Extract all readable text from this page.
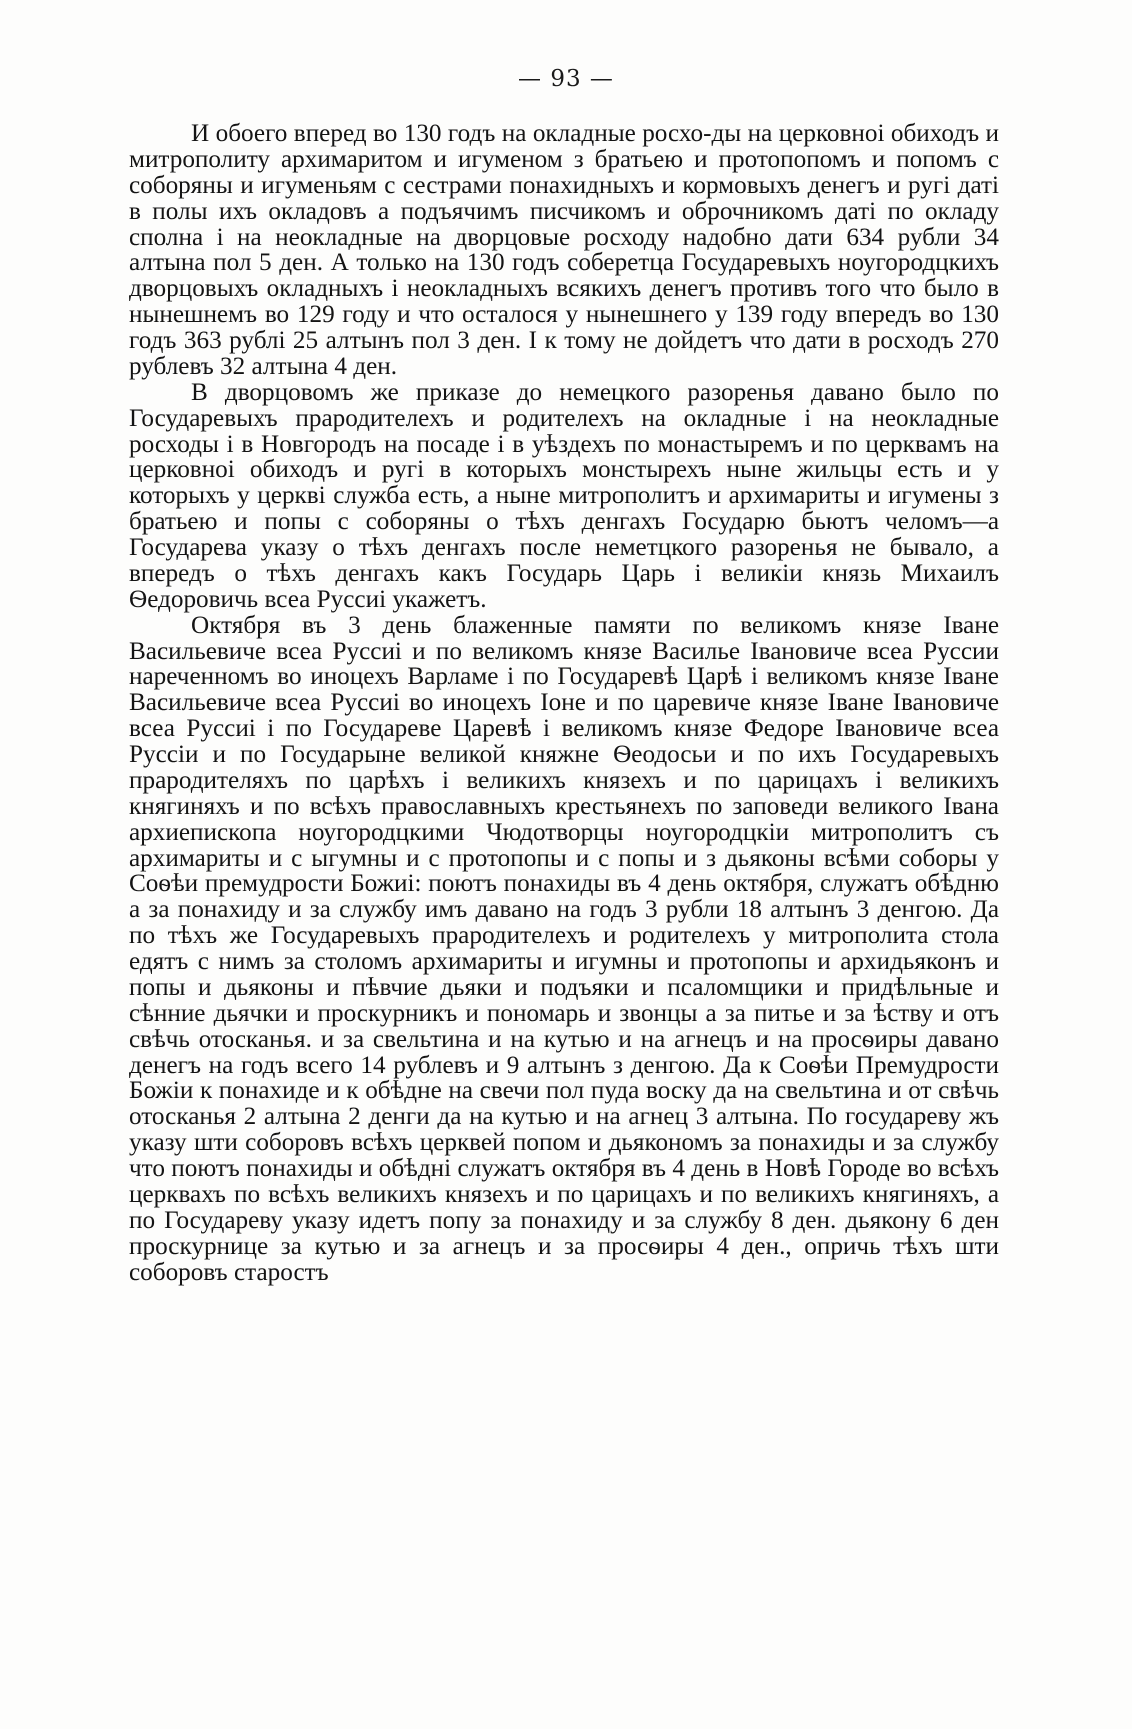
— 93 —

И обоего вперед во 130 годъ на окладные росхо-ды на церковноі обиходъ и митрополиту архимаритом и игуменом з братьею и протопопомъ и попомъ с соборяны и игуменьям с сестрами понахидныхъ и кормовыхъ денегъ и ругі даті в полы ихъ окладовъ а подъячимъ писчикомъ и оброчникомъ даті по окладу сполна і на неокладные на дворцовые росходу надобно дати 634 рубли 34 алтына пол 5 ден. А только на 130 годъ соберетца Государевыхъ ноугородцкихъ дворцовыхъ окладныхъ і неокладныхъ всякихъ денегъ противъ того что было в нынешнемъ во 129 году и что осталося у нынешнего у 139 году впередъ во 130 годъ 363 рублі 25 алтынъ пол 3 ден. І к тому не дойдетъ что дати в росходъ 270 рублевъ 32 алтына 4 ден.

В дворцовомъ же приказе до немецкого разоренья давано было по Государевыхъ прародителехъ и родителехъ на окладные і на неокладные росходы і в Новгородъ на посаде і в уѣздехъ по монастыремъ и по церквамъ на церковноі обиходъ и ругі в которыхъ монстырехъ ныне жильцы есть и у которыхъ у церкві служба есть, а ныне митрополитъ и архимариты и игумены з братьею и попы с соборяны о тѣхъ денгахъ Государю бьютъ челомъ—а Государева указу о тѣхъ денгахъ после неметцкого разоренья не бывало, а впередъ о тѣхъ денгахъ какъ Государь Царь і великіи князь Михаилъ Ѳедоровичь всеа Руссиі укажетъ.

Октября въ 3 день блаженные памяти по великомъ князе Іване Васильевиче всеа Руссиі и по великомъ князе Василье Івановиче всеа Руссии нареченномъ во иноцехъ Варламе і по Государевѣ Царѣ і великомъ князе Іване Васильевиче всеа Руссиі во иноцехъ Іоне и по царевиче князе Іване Івановиче всеа Руссиі і по Государеве Царевѣ і великомъ князе Федоре Івановиче всеа Руссіи и по Государыне великой княжне Ѳеодосьи и по ихъ Государевыхъ прародителяхъ по царѣхъ і великихъ князехъ и по царицахъ і великихъ княгиняхъ и по всѣхъ православныхъ крестьянехъ по заповеди великого Івана архиепископа ноугородцкими Чюдотворцы ноугородцкіи митрополитъ съ архимариты и с ыгумны и с протопопы и с попы и з дьяконы всѣми соборы у Соѳѣи премудрости Божиі: поютъ понахиды въ 4 день октября, служатъ обѣдню а за понахиду и за службу имъ давано на годъ 3 рубли 18 алтынъ 3 денгою. Да по тѣхъ же Государевыхъ прародителехъ и родителехъ у митрополита стола едятъ с нимъ за столомъ архимариты и игумны и протопопы и архидьяконъ и попы и дьяконы и пѣвчие дьяки и подъяки и псаломщики и придѣльные и сѣнние дьячки и проскурникъ и пономарь и звонцы а за питье и за ѣству и отъ свѣчь отосканья. и за свельтина и на кутью и на агнецъ и на просѳиры давано денегъ на годъ всего 14 рублевъ и 9 алтынъ з денгою. Да к Соѳѣи Премудрости Божіи к понахиде и к обѣдне на свечи пол пуда воску да на свельтина и от свѣчь отосканья 2 алтына 2 денги да на кутью и на агнец 3 алтына. По государеву жъ указу шти соборовъ всѣхъ церквей попом и дьякономъ за понахиды и за службу что поютъ понахиды и обѣдні служатъ октября въ 4 день в Новѣ Городе во всѣхъ церквахъ по всѣхъ великихъ князехъ и по царицахъ и по великихъ княгиняхъ, а по Государеву указу идетъ попу за понахиду и за службу 8 ден. дьякону 6 ден проскурнице за кутью и за агнецъ и за просѳиры 4 ден., опричь тѣхъ шти соборовъ старостъ
